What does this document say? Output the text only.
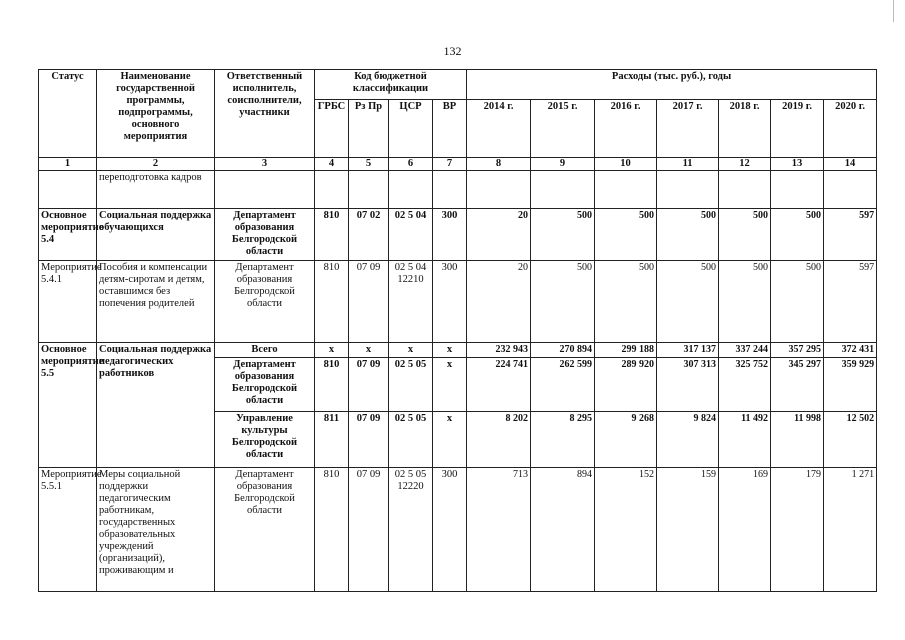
132
Статус	Наименование государственной программы, подпрограммы, основного мероприятия	Ответственный исполнитель, соисполнители, участники	Код бюджетной классификации				Расходы (тыс. руб.), годы						
			ГРБС	Рз Пр	ЦСР	ВР	2014 г.	2015 г.	2016 г.	2017 г.	2018 г.	2019 г.	2020 г.
1	2	3	4	5	6	7	8	9	10	11	12	13	14
	переподготовка кадров												
Основное мероприятие 5.4	Социальная поддержка обучающихся	Департамент образования Белгородской области	810	07 02	02 5 04	300	20	500	500	500	500	500	597
Мероприятие 5.4.1	Пособия и компенсации детям-сиротам и детям, оставшимся без попечения родителей	Департамент образования Белгородской области	810	07 09	02 5 04 12210	300	20	500	500	500	500	500	597
Основное мероприятие 5.5	Социальная поддержка педагогических работников	Всего	x	x	x	x	232 943	270 894	299 188	317 137	337 244	357 295	372 431
		Департамент образования Белгородской области	810	07 09	02 5 05	x	224 741	262 599	289 920	307 313	325 752	345 297	359 929
		Управление культуры Белгородской области	811	07 09	02 5 05	x	8 202	8 295	9 268	9 824	11 492	11 998	12 502
Мероприятие 5.5.1	Меры социальной поддержки педагогическим работникам, государственных образовательных учреждений (организаций), проживающим и	Департамент образования Белгородской области	810	07 09	02 5 05 12220	300	713	894	152	159	169	179	1 271
